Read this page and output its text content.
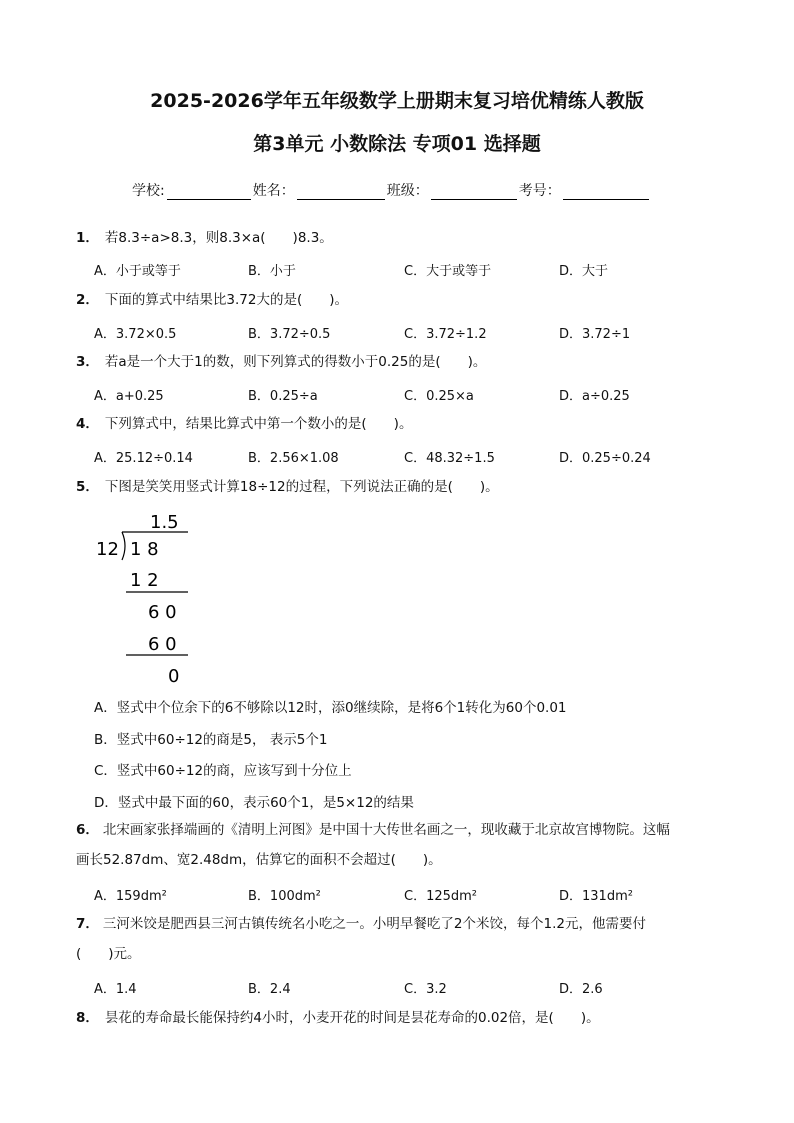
2025-2026学年五年级数学上册期末复习培优精练人教版
第3单元 小数除法 专项01 选择题
学校:	姓名：	班级：	考号：
1． 若8.3÷a>8.3，则8.3×a(　　)8.3。
A．小于或等于	B．小于	C．大于或等于	D．大于
2． 下面的算式中结果比3.72大的是(　　)。
A．3.72×0.5	B．3.72÷0.5	C．3.72÷1.2	D．3.72÷1
3． 若a是一个大于1的数，则下列算式的得数小于0.25的是(　　)。
A．a+0.25	B．0.25÷a	C．0.25×a	D．a÷0.25
4． 下列算式中，结果比算式中第一个数小的是(　　)。
A．25.12÷0.14	B．2.56×1.08	C．48.32÷1.5	D．0.25÷0.24
5． 下图是笑笑用竖式计算18÷12的过程，下列说法正确的是(　　)。
1.5
12 1 8
1 2
6 0
6 0
0
A．竖式中个位余下的6不够除以12时，添0继续除，是将6个1转化为60个0.01
B．竖式中60÷12的商是5， 表示5个1
C．竖式中60÷12的商，应该写到十分位上
D．竖式中最下面的60，表示60个1，是5×12的结果
6． 北宋画家张择端画的《清明上河图》是中国十大传世名画之一，现收藏于北京故宫博物院。这幅
画长52.87dm、宽2.48dm，估算它的面积不会超过(　　)。
A．159dm²	B．100dm²	C．125dm²	D．131dm²
7． 三河米饺是肥西县三河古镇传统名小吃之一。小明早餐吃了2个米饺，每个1.2元，他需要付
(　　)元。
A．1.4	B．2.4	C．3.2	D．2.6
8． 昙花的寿命最长能保持约4小时，小麦开花的时间是昙花寿命的0.02倍，是(　　)。
